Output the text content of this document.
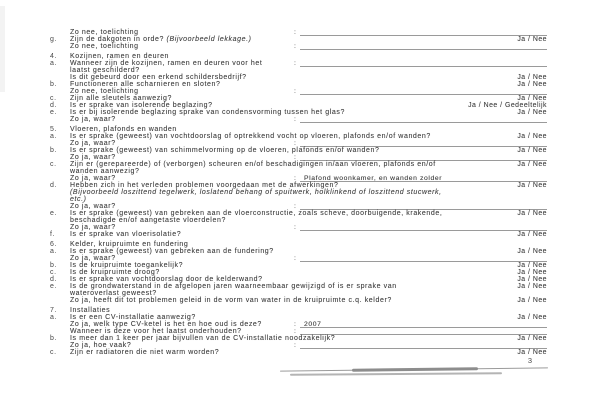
Zo nee, toelichting
:
g. Zijn de dakgoten in orde? (Bijvoorbeeld lekkage.)	Ja / Nee
Zo nee, toelichting
:
4. Kozijnen, ramen en deuren
a. Wanneer zijn de kozijnen, ramen en deuren voor het
:
laatst geschilderd?
Is dit gebeurd door een erkend schildersbedrijf?	Ja / Nee
b. Functioneren alle scharnieren en sloten?	Ja / Nee
Zo nee, toelichting
:
c. Zijn alle sleutels aanwezig?	Ja / Nee
d. Is er sprake van isolerende beglazing?	Ja / Nee / Gedeeltelijk
e. Is er bij isolerende beglazing sprake van condensvorming tussen het glas?	Ja / Nee
Zo ja, waar?
:
5. Vloeren, plafonds en wanden
a. Is er sprake (geweest) van vochtdoorslag of optrekkend vocht op vloeren, plafonds en/of wanden?	Ja / Nee
Zo ja, waar?
:
b. Is er sprake (geweest) van schimmelvorming op de vloeren, plafonds en/of wanden?	Ja / Nee
Zo ja, waar?
:
c. Zijn er (gerepareerde) of (verborgen) scheuren en/of beschadigingen in/aan vloeren, plafonds en/of	Ja / Nee
wanden aanwezig?
Zo ja, waar?	: Plafond woonkamer, en wanden zolder
d. Hebben zich in het verleden problemen voorgedaan met de afwerkingen?	Ja / Nee
(Bijvoorbeeld loszittend tegelwerk, loslatend behang of spuitwerk, holklinkend of loszittend stucwerk,
etc.)
Zo ja, waar?
:
e. Is er sprake (geweest) van gebreken aan de vloerconstructie, zoals scheve, doorbuigende, krakende,	Ja / Nee
beschadigde en/of aangetaste vloerdelen?
Zo ja, waar?
:
f. Is er sprake van vloerisolatie?	Ja / Nee
6. Kelder, kruipruimte en fundering
a. Is er sprake (geweest) van gebreken aan de fundering?	Ja / Nee
Zo ja, waar?
:
b. Is de kruipruimte toegankelijk?	Ja / Nee
c. Is de kruipruimte droog?	Ja / Nee
d. Is er sprake van vochtdoorslag door de kelderwand?	Ja / Nee
e. Is de grondwaterstand in de afgelopen jaren waarneembaar gewijzigd of is er sprake van	Ja / Nee
wateroverlast geweest?
Zo ja, heeft dit tot problemen geleid in de vorm van water in de kruipruimte c.q. kelder?	Ja / Nee
7. Installaties
a. Is er een CV-installatie aanwezig?	Ja / Nee
Zo ja, welk type CV-ketel is het en hoe oud is deze?	: 2007
Wanneer is deze voor het laatst onderhouden?
:
b. Is meer dan 1 keer per jaar bijvullen van de CV-installatie noodzakelijk?	Ja / Nee
Zo ja, hoe vaak?
:
c. Zijn er radiatoren die niet warm worden?	Ja / Nee
3
